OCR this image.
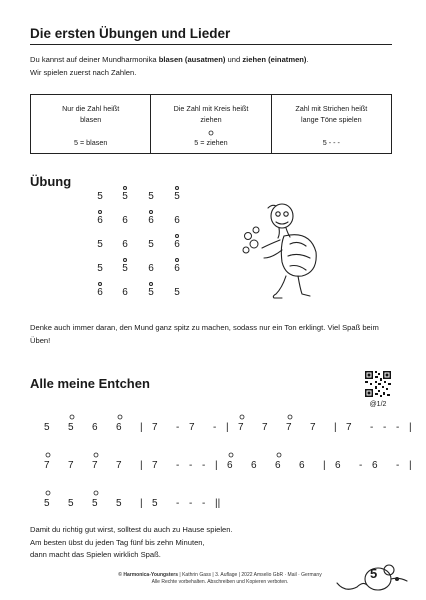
Die ersten Übungen und Lieder
Du kannst auf deiner Mundharmonika blasen (ausatmen) und ziehen (einatmen).
Wir spielen zuerst nach Zahlen.
Nur die Zahl heißt
blasen
5 = blasen
Die Zahl mit Kreis heißt
ziehen
5 = ziehen
Zahl mit Strichen heißt
lange Töne spielen
5 - - -
Übung
5 5 5 5
6 6 6 6
5 6 5 6
5 5 6 6
6 6 5 5
Denke auch immer daran, den Mund ganz spitz zu machen, sodass nur ein Ton erklingt. Viel Spaß beim Üben!
Alle meine Entchen
@1/2
5 5 6 6 | 7 - 7 - | 7 7 7 7 | 7 - - - |
7 7 7 7 | 7 - - - | 6 6 6 6 | 6 - 6 - |
5 5 5 5 | 5 - - - ||
Damit du richtig gut wirst, solltest du auch zu Hause spielen.
Am besten übst du jeden Tag fünf bis zehn Minuten,
dann macht das Spielen wirklich Spaß.
© Harmonica-Youngsters | Kathrin Gass | 3. Auflage | 2022 Amselio GbR · Mail · Germany
Alle Rechte vorbehalten. Abschreiben und Kopieren verboten.
5
